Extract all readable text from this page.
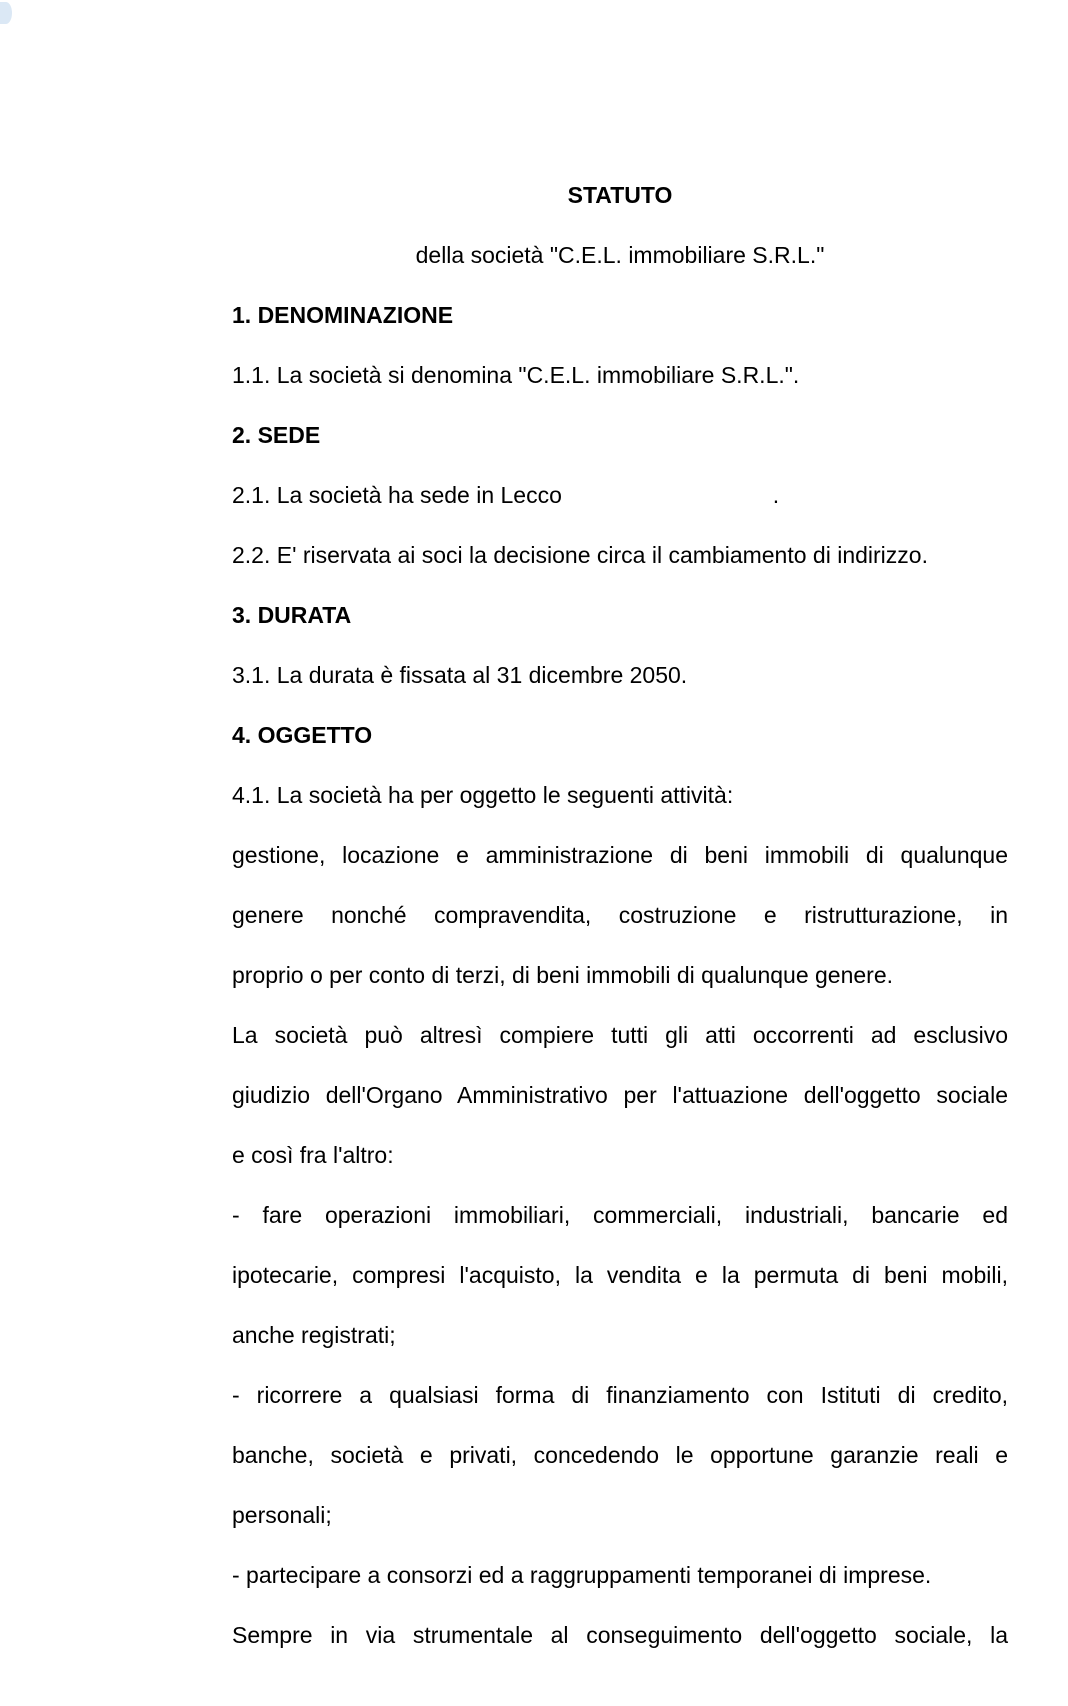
STATUTO
della società "C.E.L. immobiliare S.R.L."
1. DENOMINAZIONE
1.1. La società si denomina "C.E.L. immobiliare S.R.L.".
2. SEDE
2.1. La società ha sede in Lecco                                 .
2.2. E' riservata ai soci la decisione circa il cambiamento di indirizzo.
3. DURATA
3.1. La durata è fissata al 31 dicembre 2050.
4. OGGETTO
4.1. La società ha per oggetto le seguenti attività:
gestione, locazione e amministrazione di beni immobili di qualunque
genere nonché compravendita, costruzione e ristrutturazione, in
proprio o per conto di terzi, di beni immobili di qualunque genere.
La società può altresì compiere tutti gli atti occorrenti ad esclusivo
giudizio dell'Organo Amministrativo per l'attuazione dell'oggetto sociale
e così fra l'altro:
- fare operazioni immobiliari, commerciali, industriali, bancarie ed
ipotecarie, compresi l'acquisto, la vendita e la permuta di beni mobili,
anche registrati;
- ricorrere a qualsiasi forma di finanziamento con Istituti di credito,
banche, società e privati, concedendo le opportune garanzie reali e
personali;
- partecipare a consorzi ed a raggruppamenti temporanei di imprese.
Sempre in via strumentale al conseguimento dell'oggetto sociale, la
